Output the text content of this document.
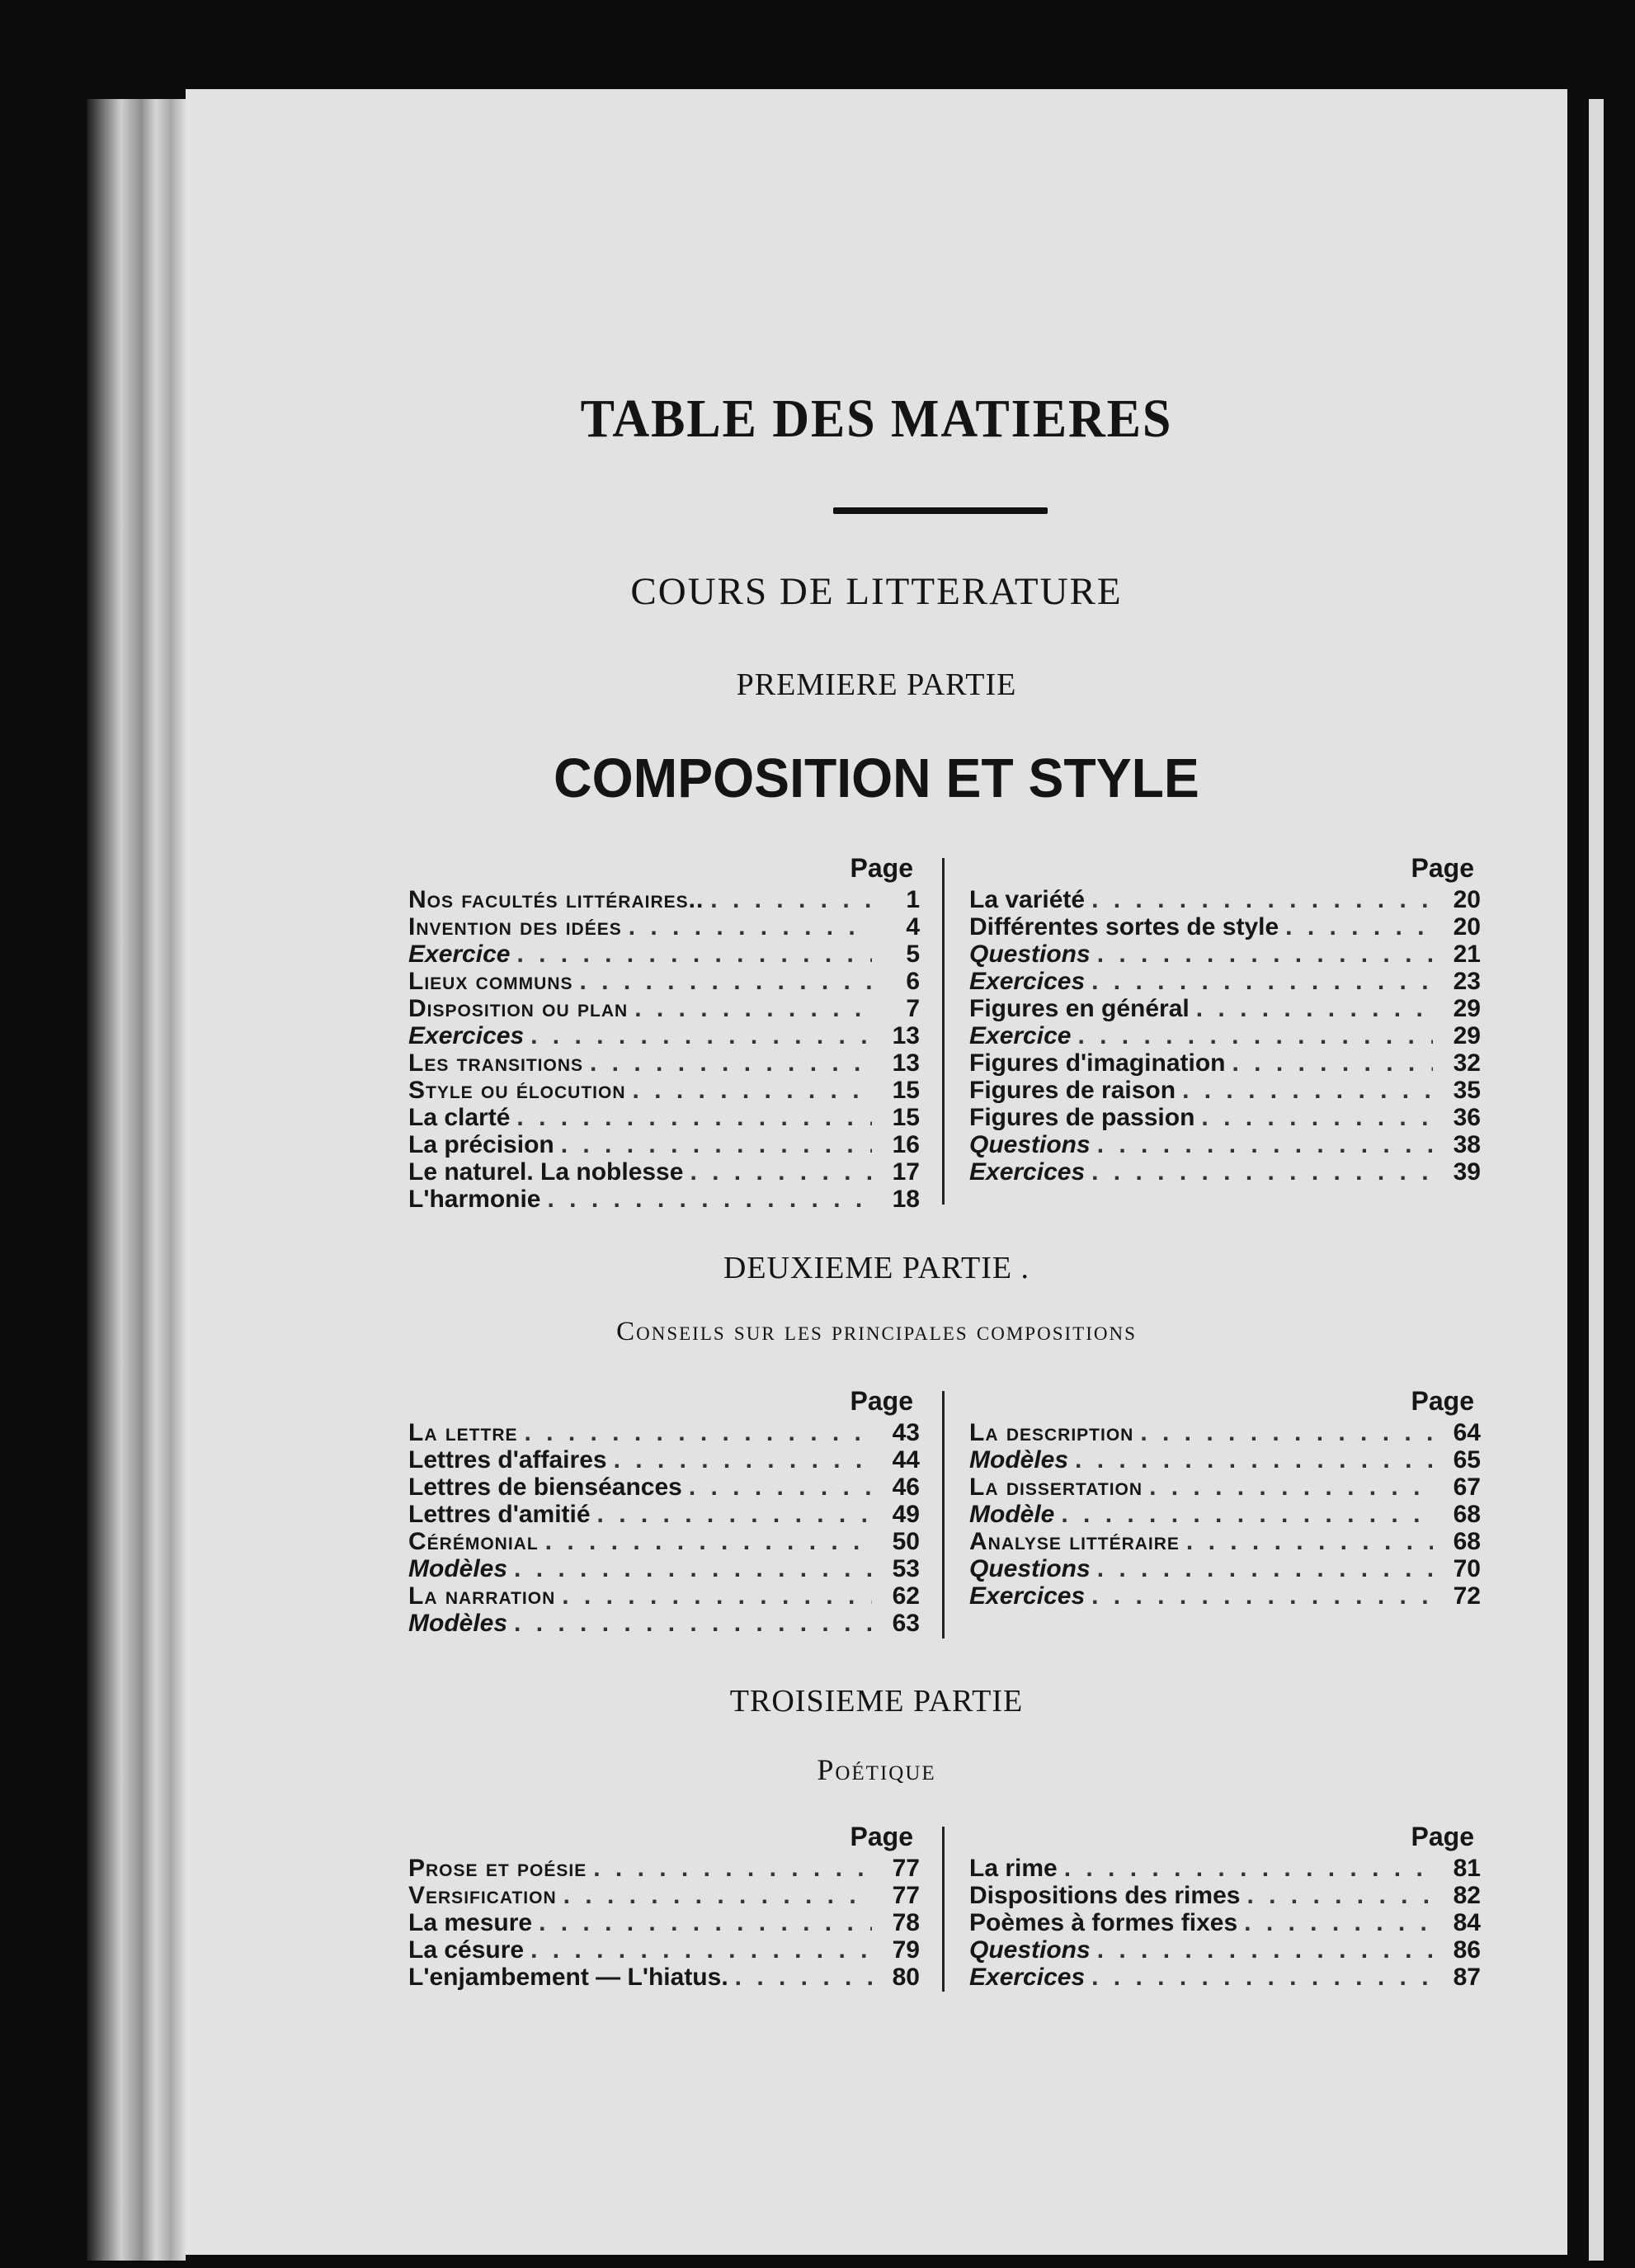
TABLE DES MATIERES
COURS DE LITTERATURE
PREMIERE PARTIE
COMPOSITION ET STYLE
Page
Nos facultés littéraires.. . . .	1
Invention des idées . . .	4
Exercice . . .	5
Lieux communs . . .	6
Disposition ou plan . . .	7
Exercices . . .	13
Les transitions . . .	13
Style ou élocution . . .	15
La clarté . . .	15
La précision . . .	16
Le naturel. La noblesse . . .	17
L'harmonie . . .	18
Page
La variété . . .	20
Différentes sortes de style . . .	20
Questions . . .	21
Exercices . . .	23
Figures en général . . .	29
Exercice . . .	29
Figures d'imagination . . .	32
Figures de raison . . .	35
Figures de passion . . .	36
Questions . . .	38
Exercices . . .	39
DEUXIEME PARTIE .
Conseils sur les principales compositions
Page
La lettre . . .	43
Lettres d'affaires . . .	44
Lettres de bienséances . . .	46
Lettres d'amitié . . .	49
Cérémonial . . .	50
Modèles . . .	53
La narration . . .	62
Modèles . . .	63
Page
La description . . .	64
Modèles . . .	65
La dissertation . . .	67
Modèle . . .	68
Analyse littéraire . . .	68
Questions . . .	70
Exercices . . .	72
TROISIEME PARTIE
Poétique
Page
Prose et poésie . . .	77
Versification . . .	77
La mesure . . .	78
La césure . . .	79
L'enjambement — L'hiatus. . . .	80
Page
La rime . . .	81
Dispositions des rimes . . .	82
Poèmes à formes fixes . . .	84
Questions . . .	86
Exercices . . .	87
